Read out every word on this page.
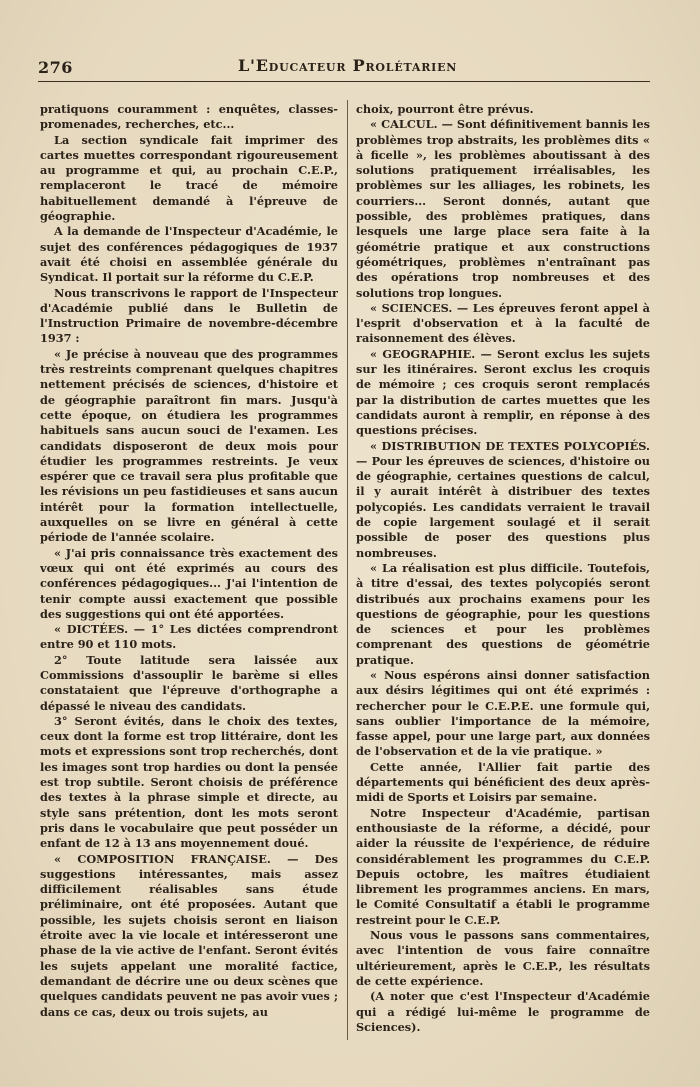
276	L'Educateur Prolétarien

pratiquons couramment : enquêtes, classes-promenades, recherches, etc...

La section syndicale fait imprimer des cartes muettes correspondant rigoureusement au programme et qui, au prochain C.E.P., remplaceront le tracé de mémoire habituellement demandé à l'épreuve de géographie.

A la demande de l'Inspecteur d'Académie, le sujet des conférences pédagogiques de 1937 avait été choisi en assemblée générale du Syndicat. Il portait sur la réforme du C.E.P.

Nous transcrivons le rapport de l'Inspecteur d'Académie publié dans le Bulletin de l'Instruction Primaire de novembre-décembre 1937 :

« Je précise à nouveau que des programmes très restreints comprenant quelques chapitres nettement précisés de sciences, d'histoire et de géographie paraîtront fin mars. Jusqu'à cette époque, on étudiera les programmes habituels sans aucun souci de l'examen. Les candidats disposeront de deux mois pour étudier les programmes restreints. Je veux espérer que ce travail sera plus profitable que les révisions un peu fastidieuses et sans aucun intérêt pour la formation intellectuelle, auxquelles on se livre en général à cette période de l'année scolaire.

« J'ai pris connaissance très exactement des vœux qui ont été exprimés au cours des conférences pédagogiques... J'ai l'intention de tenir compte aussi exactement que possible des suggestions qui ont été apportées.

« DICTÉES. — 1° Les dictées comprendront entre 90 et 110 mots.

2° Toute latitude sera laissée aux Commissions d'assouplir le barème si elles constataient que l'épreuve d'orthographe a dépassé le niveau des candidats.

3° Seront évités, dans le choix des textes, ceux dont la forme est trop littéraire, dont les mots et expressions sont trop recherchés, dont les images sont trop hardies ou dont la pensée est trop subtile. Seront choisis de préférence des textes à la phrase simple et directe, au style sans prétention, dont les mots seront pris dans le vocabulaire que peut posséder un enfant de 12 à 13 ans moyennement doué.

« COMPOSITION FRANÇAISE. — Des suggestions intéressantes, mais assez difficilement réalisables sans étude préliminaire, ont été proposées. Autant que possible, les sujets choisis seront en liaison étroite avec la vie locale et intéresseront une phase de la vie active de l'enfant. Seront évités les sujets appelant une moralité factice, demandant de décrire une ou deux scènes que quelques candidats peuvent ne pas avoir vues ; dans ce cas, deux ou trois sujets, au

choix, pourront être prévus.

« CALCUL. — Sont définitivement bannis les problèmes trop abstraits, les problèmes dits « à ficelle », les problèmes aboutissant à des solutions pratiquement irréalisables, les problèmes sur les alliages, les robinets, les courriers... Seront donnés, autant que possible, des problèmes pratiques, dans lesquels une large place sera faite à la géométrie pratique et aux constructions géométriques, problèmes n'entraînant pas des opérations trop nombreuses et des solutions trop longues.

« SCIENCES. — Les épreuves feront appel à l'esprit d'observation et à la faculté de raisonnement des élèves.

« GEOGRAPHIE. — Seront exclus les sujets sur les itinéraires. Seront exclus les croquis de mémoire ; ces croquis seront remplacés par la distribution de cartes muettes que les candidats auront à remplir, en réponse à des questions précises.

« DISTRIBUTION DE TEXTES POLYCOPIÉS. — Pour les épreuves de sciences, d'histoire ou de géographie, certaines questions de calcul, il y aurait intérêt à distribuer des textes polycopiés. Les candidats verraient le travail de copie largement soulagé et il serait possible de poser des questions plus nombreuses.

« La réalisation est plus difficile. Toutefois, à titre d'essai, des textes polycopiés seront distribués aux prochains examens pour les questions de géographie, pour les questions de sciences et pour les problèmes comprenant des questions de géométrie pratique.

« Nous espérons ainsi donner satisfaction aux désirs légitimes qui ont été exprimés : rechercher pour le C.E.P.E. une formule qui, sans oublier l'importance de la mémoire, fasse appel, pour une large part, aux données de l'observation et de la vie pratique. »

Cette année, l'Allier fait partie des départements qui bénéficient des deux après-midi de Sports et Loisirs par semaine.

Notre Inspecteur d'Académie, partisan enthousiaste de la réforme, a décidé, pour aider la réussite de l'expérience, de réduire considérablement les programmes du C.E.P. Depuis octobre, les maîtres étudiaient librement les programmes anciens. En mars, le Comité Consultatif a établi le programme restreint pour le C.E.P.

Nous vous le passons sans commentaires, avec l'intention de vous faire connaître ultérieurement, après le C.E.P., les résultats de cette expérience.

(A noter que c'est l'Inspecteur d'Académie qui a rédigé lui-même le programme de Sciences).
